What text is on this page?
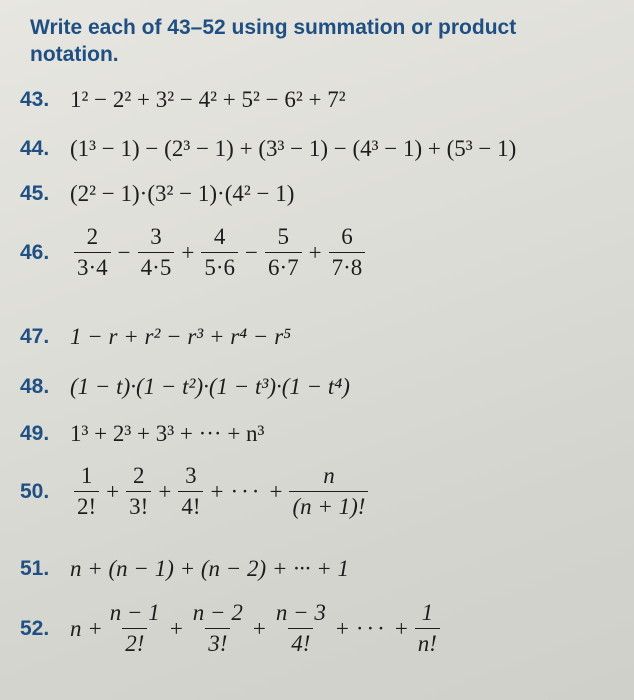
Write each of 43–52 using summation or product notation.
43. 1² − 2² + 3² − 4² + 5² − 6² + 7²
44. (1³ − 1) − (2³ − 1) + (3³ − 1) − (4³ − 1) + (5³ − 1)
45. (2² − 1)·(3² − 1)·(4² − 1)
46.	$\frac{2}{3\cdot 4} - \frac{3}{4\cdot 5} + \frac{4}{5\cdot 6} - \frac{5}{6\cdot 7} + \frac{6}{7\cdot 8}$
47. 1 − r + r² − r³ + r⁴ − r⁵
48. (1 − t)·(1 − t²)·(1 − t³)·(1 − t⁴)
49. 1³ + 2³ + 3³ + ··· + n³
50.	$\frac{1}{2!} + \frac{2}{3!} + \frac{3}{4!}$ + ··· + $\frac{n}{(n + 1)!}$
51. n + (n − 1) + (n − 2) + ··· + 1
52. $n + \frac{n - 1}{2!} + \frac{n - 2}{3!} + \frac{n - 3}{4!}$ + ··· + $\frac{1}{n!}$
